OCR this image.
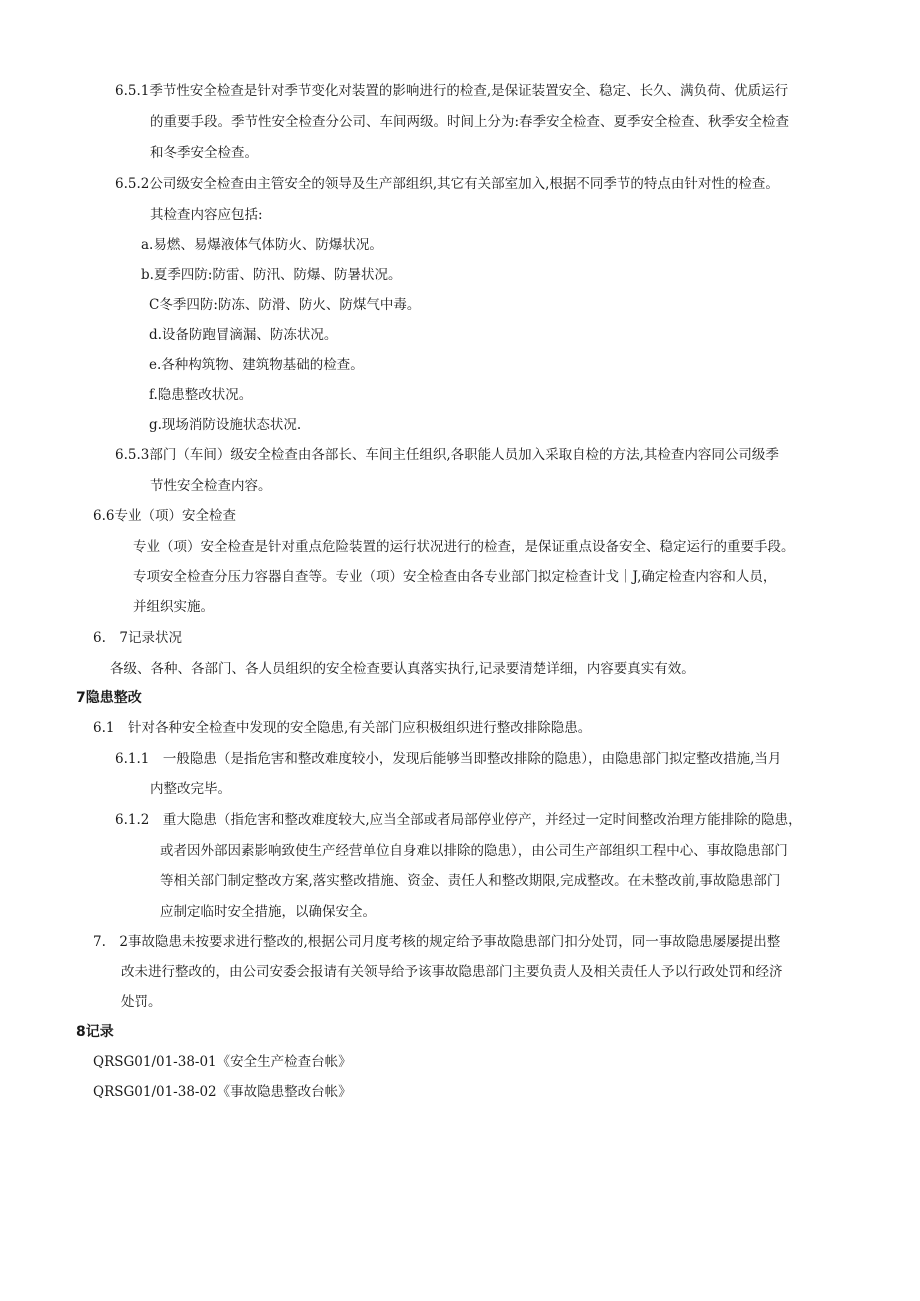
6.5.1季节性安全检查是针对季节变化对装置的影响进行的检查,是保证装置安全、稳定、长久、满负荷、优质运行
的重要手段。季节性安全检查分公司、车间两级。时间上分为:春季安全检查、夏季安全检查、秋季安全检查
和冬季安全检查。
6.5.2公司级安全检查由主管安全的领导及生产部组织,其它有关部室加入,根据不同季节的特点由针对性的检查。
其检查内容应包括:
a.易燃、易爆液体气体防火、防爆状况。
b.夏季四防:防雷、防汛、防爆、防暑状况。
C冬季四防:防冻、防滑、防火、防煤气中毒。
d.设备防跑冒滴漏、防冻状况。
e.各种构筑物、建筑物基础的检查。
f.隐患整改状况。
g.现场消防设施状态状况.
6.5.3部门（车间）级安全检查由各部长、车间主任组织,各职能人员加入采取自检的方法,其检查内容同公司级季
节性安全检查内容。
6.6专业（项）安全检查
专业（项）安全检查是针对重点危险装置的运行状况进行的检查，是保证重点设备安全、稳定运行的重要手段。
专项安全检查分压力容器自查等。专业（项）安全检查由各专业部门拟定检查计戈｜J,确定检查内容和人员，
并组织实施。
6.　7记录状况
各级、各种、各部门、各人员组织的安全检查要认真落实执行,记录要清楚详细，内容要真实有效。
7隐患整改
6.1　针对各种安全检查中发现的安全隐患,有关部门应积极组织进行整改排除隐患。
6.1.1　一般隐患（是指危害和整改难度较小，发现后能够当即整改排除的隐患），由隐患部门拟定整改措施,当月
内整改完毕。
6.1.2　重大隐患（指危害和整改难度较大,应当全部或者局部停业停产，并经过一定时间整改治理方能排除的隐患，
或者因外部因素影响致使生产经营单位自身难以排除的隐患），由公司生产部组织工程中心、事故隐患部门
等相关部门制定整改方案,落实整改措施、资金、责任人和整改期限,完成整改。在未整改前,事故隐患部门
应制定临时安全措施，以确保安全。
7.　2事故隐患未按要求进行整改的,根据公司月度考核的规定给予事故隐患部门扣分处罚，同一事故隐患屡屡提出整
改未进行整改的，由公司安委会报请有关领导给予该事故隐患部门主要负责人及相关责任人予以行政处罚和经济
处罚。
8记录
QRSG01/01-38-01《安全生产检查台帐》
QRSG01/01-38-02《事故隐患整改台帐》
